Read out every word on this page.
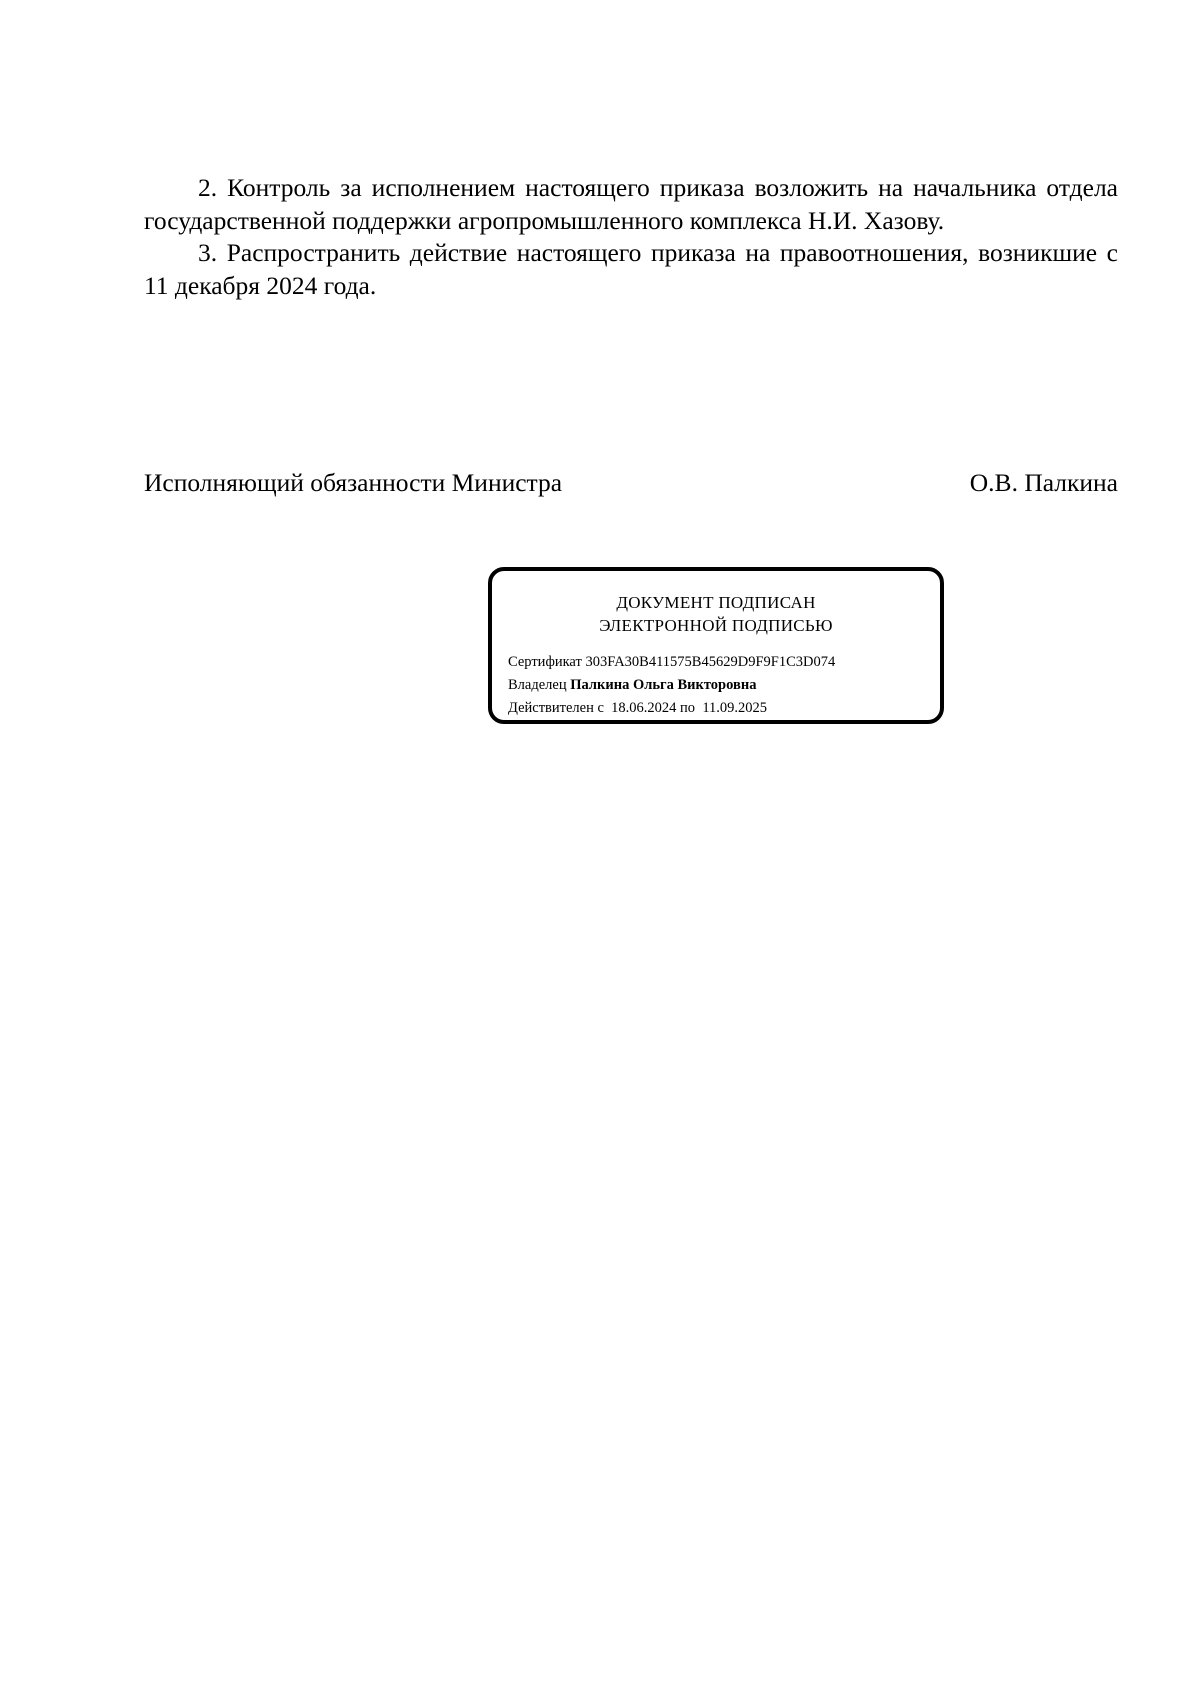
2. Контроль за исполнением настоящего приказа возложить на начальника отдела государственной поддержки агропромышленного комплекса Н.И. Хазову.

3. Распространить действие настоящего приказа на правоотношения, возникшие с 11 декабря 2024 года.

Исполняющий обязанности Министра	О.В. Палкина
ДОКУМЕНТ ПОДПИСАН
ЭЛЕКТРОННОЙ ПОДПИСЬЮ
Сертификат 303FA30B411575B45629D9F9F1C3D074
Владелец Палкина Ольга Викторовна
Действителен с 18.06.2024 по 11.09.2025
